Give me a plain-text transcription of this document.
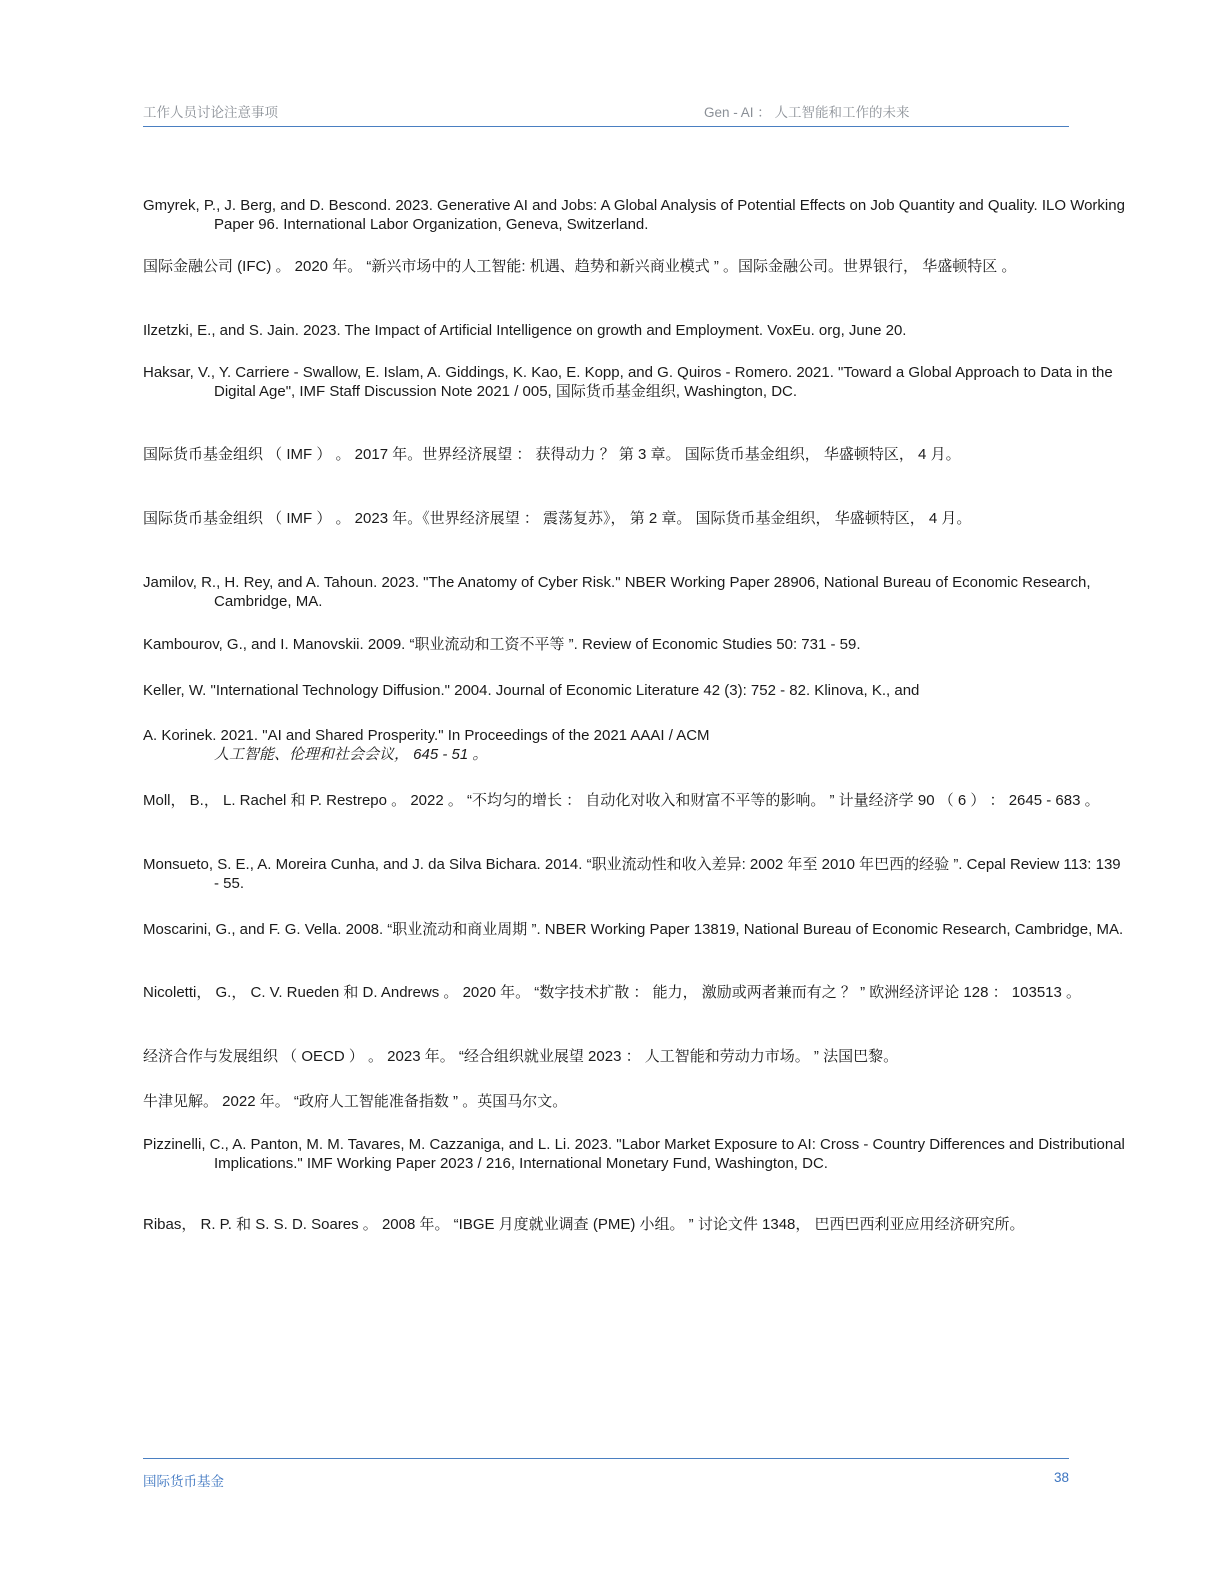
工作人员讨论注意事项	Gen - AI ： 人工智能和工作的未来
Gmyrek, P., J. Berg, and D. Bescond. 2023. Generative AI and Jobs: A Global Analysis of Potential Effects on Job Quantity and Quality. ILO Working Paper 96. International Labor Organization, Geneva, Switzerland.
国际金融公司 (IFC) 。 2020 年。 “新兴市场中的人工智能: 机遇、趋势和新兴商业模式 ” 。国际金融公司。世界银行， 华盛顿特区 。
Ilzetzki, E., and S. Jain. 2023. The Impact of Artificial Intelligence on growth and Employment. VoxEu. org, June 20.
Haksar, V., Y. Carriere - Swallow, E. Islam, A. Giddings, K. Kao, E. Kopp, and G. Quiros - Romero. 2021. "Toward a Global Approach to Data in the Digital Age", IMF Staff Discussion Note 2021 / 005, 国际货币基金组织, Washington, DC.
国际货币基金组织 （ IMF ） 。 2017 年。世界经济展望 ： 获得动力 ？ 第 3 章。 国际货币基金组织， 华盛顿特区， 4 月。
国际货币基金组织 （ IMF ） 。 2023 年。《世界经济展望 ： 震荡复苏》， 第 2 章。 国际货币基金组织， 华盛顿特区， 4 月。
Jamilov, R., H. Rey, and A. Tahoun. 2023. "The Anatomy of Cyber Risk." NBER Working Paper 28906, National Bureau of Economic Research, Cambridge, MA.
Kambourov, G., and I. Manovskii. 2009. “职业流动和工资不平等 ”. Review of Economic Studies 50: 731 - 59.
Keller, W. "International Technology Diffusion." 2004. Journal of Economic Literature 42 (3): 752 - 82. Klinova, K., and
A. Korinek. 2021. "AI and Shared Prosperity." In Proceedings of the 2021 AAAI / ACM
人工智能、伦理和社会会议， 645 - 51 。
Moll， B.， L. Rachel 和 P. Restrepo 。 2022 。 “不均匀的增长 ： 自动化对收入和财富不平等的影响。 ” 计量经济学 90 （ 6 ） ： 2645 - 683 。
Monsueto, S. E., A. Moreira Cunha, and J. da Silva Bichara. 2014. “职业流动性和收入差异: 2002 年至 2010 年巴西的经验 ”. Cepal Review 113: 139 - 55.
Moscarini, G., and F. G. Vella. 2008. “职业流动和商业周期 ”. NBER Working Paper 13819, National Bureau of Economic Research, Cambridge, MA.
Nicoletti， G.， C. V. Rueden 和 D. Andrews 。 2020 年。 “数字技术扩散 ： 能力， 激励或两者兼而有之 ？ ” 欧洲经济评论 128 ： 103513 。
经济合作与发展组织 （ OECD ） 。 2023 年。 “经合组织就业展望 2023 ： 人工智能和劳动力市场。 ” 法国巴黎。
牛津见解。 2022 年。 “政府人工智能准备指数 ” 。英国马尔文。
Pizzinelli, C., A. Panton, M. M. Tavares, M. Cazzaniga, and L. Li. 2023. "Labor Market Exposure to AI: Cross - Country Differences and Distributional Implications." IMF Working Paper 2023 / 216, International Monetary Fund, Washington, DC.
Ribas， R. P. 和 S. S. D. Soares 。 2008 年。 “IBGE 月度就业调查 (PME) 小组。 ” 讨论文件 1348， 巴西巴西利亚应用经济研究所。
国际货币基金	38
